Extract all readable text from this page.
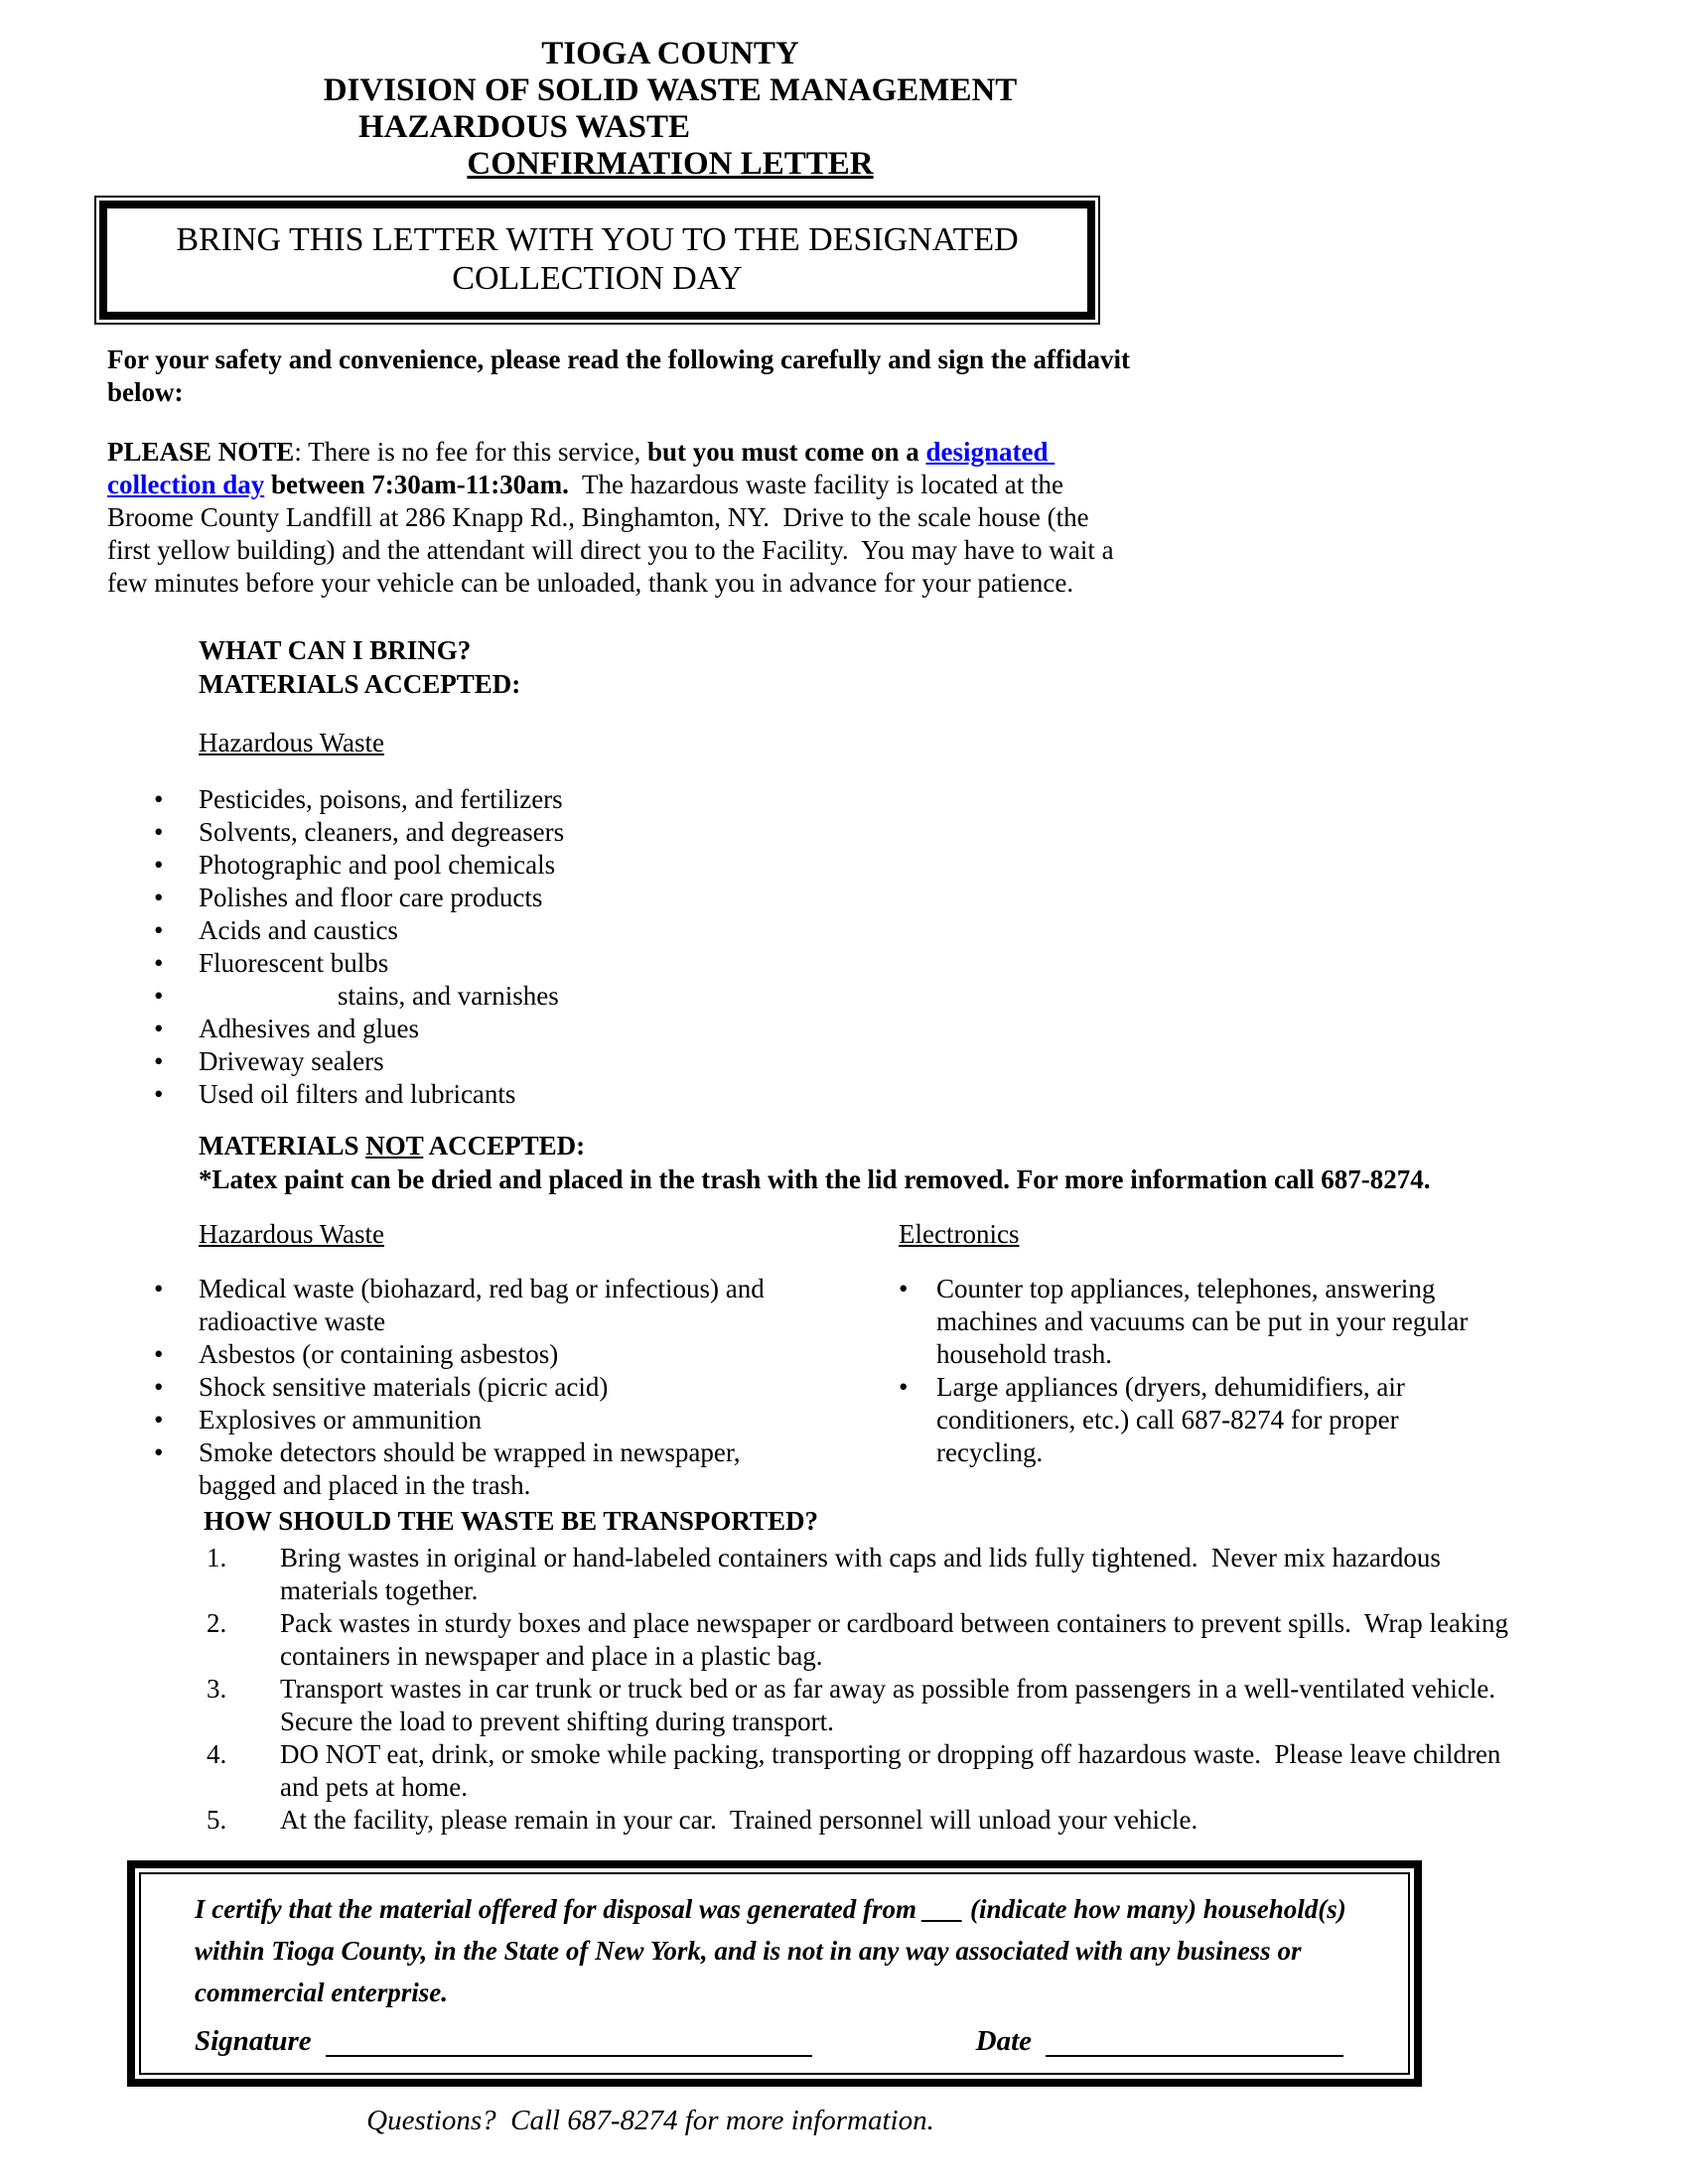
TIOGA COUNTY
DIVISION OF SOLID WASTE MANAGEMENT
HAZARDOUS WASTE
CONFIRMATION LETTER
BRING THIS LETTER WITH YOU TO THE DESIGNATED
COLLECTION DAY

For your safety and convenience, please read the following carefully and sign the affidavit below:

PLEASE NOTE: There is no fee for this service, but you must come on a designated collection day between 7:30am-11:30am.  The hazardous waste facility is located at the Broome County Landfill at 286 Knapp Rd., Binghamton, NY.  Drive to the scale house (the first yellow building) and the attendant will direct you to the Facility.  You may have to wait a few minutes before your vehicle can be unloaded, thank you in advance for your patience.

WHAT CAN I BRING?
MATERIALS ACCEPTED:
Hazardous Waste
•
Pesticides, poisons, and fertilizers
•
Solvents, cleaners, and degreasers
•
Photographic and pool chemicals
•
Polishes and floor care products
•
Acids and caustics
•
Fluorescent bulbs
•
stains, and varnishes
•
Adhesives and glues
•
Driveway sealers
•
Used oil filters and lubricants
MATERIALS NOT ACCEPTED:
*Latex paint can be dried and placed in the trash with the lid removed. For more information call 687-8274.
Hazardous Waste
•
Medical waste (biohazard, red bag or infectious) and radioactive waste
•
Asbestos (or containing asbestos)
•
Shock sensitive materials (picric acid)
•
Explosives or ammunition
•
Smoke detectors should be wrapped in newspaper, bagged and placed in the trash.
Electronics
•
Counter top appliances, telephones, answering machines and vacuums can be put in your regular household trash.
•
Large appliances (dryers, dehumidifiers, air conditioners, etc.) call 687-8274 for proper recycling.
HOW SHOULD THE WASTE BE TRANSPORTED?
1.	Bring wastes in original or hand-labeled containers with caps and lids fully tightened.  Never mix hazardous materials together.
2.	Pack wastes in sturdy boxes and place newspaper or cardboard between containers to prevent spills.  Wrap leaking containers in newspaper and place in a plastic bag.
3.	Transport wastes in car trunk or truck bed or as far away as possible from passengers in a well-ventilated vehicle.  Secure the load to prevent shifting during transport.
4.	DO NOT eat, drink, or smoke while packing, transporting or dropping off hazardous waste.  Please leave children and pets at home.
5.	At the facility, please remain in your car.  Trained personnel will unload your vehicle.
I certify that the material offered for disposal was generated from ___ (indicate how many) household(s) within Tioga County, in the State of New York, and is not in any way associated with any business or commercial enterprise.
Signature	Date
Questions?  Call 687-8274 for more information.
